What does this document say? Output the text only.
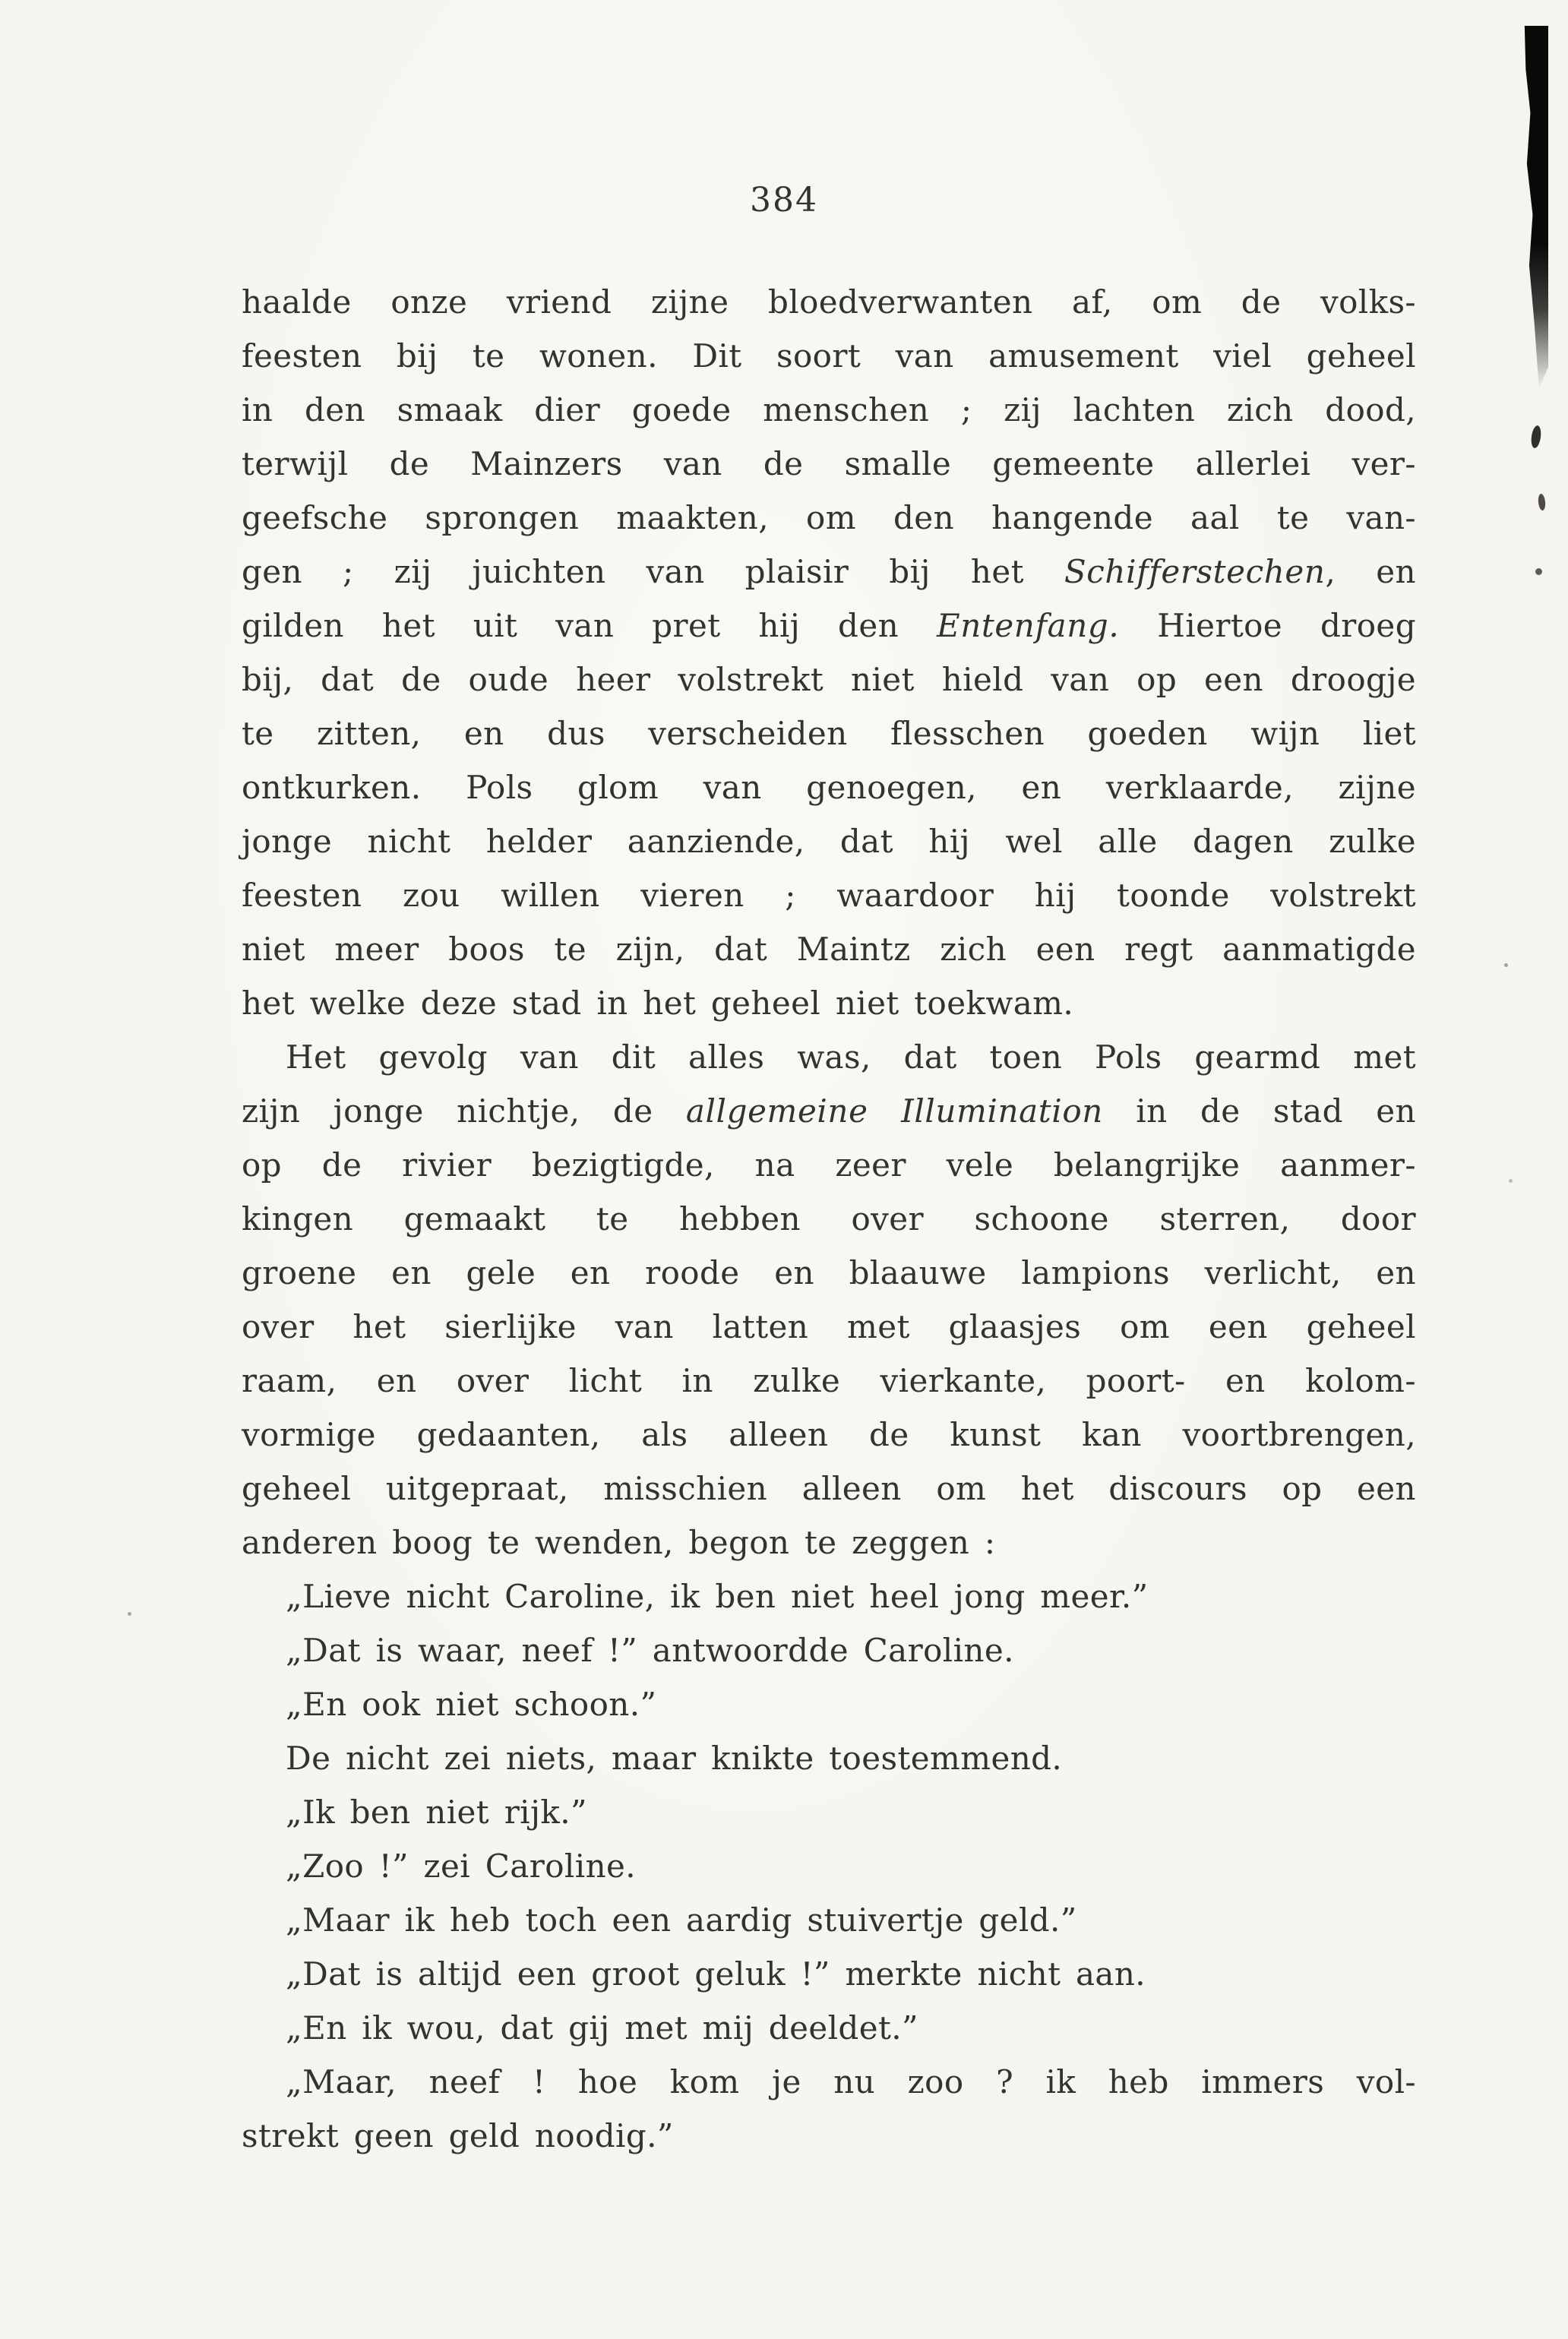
384
haalde onze vriend zijne bloedverwanten af, om de volks-
feesten bij te wonen. Dit soort van amusement viel geheel
in den smaak dier goede menschen ; zij lachten zich dood,
terwijl de Mainzers van de smalle gemeente allerlei ver-
geefsche sprongen maakten, om den hangende aal te van-
gen ; zij juichten van plaisir bij het Schifferstechen, en
gilden het uit van pret hij den Entenfang. Hiertoe droeg
bij, dat de oude heer volstrekt niet hield van op een droogje
te zitten, en dus verscheiden flesschen goeden wijn liet
ontkurken. Pols glom van genoegen, en verklaarde, zijne
jonge nicht helder aanziende, dat hij wel alle dagen zulke
feesten zou willen vieren ; waardoor hij toonde volstrekt
niet meer boos te zijn, dat Maintz zich een regt aanmatigde
het welke deze stad in het geheel niet toekwam.
Het gevolg van dit alles was, dat toen Pols gearmd met
zijn jonge nichtje, de allgemeine Illumination in de stad en
op de rivier bezigtigde, na zeer vele belangrijke aanmer-
kingen gemaakt te hebben over schoone sterren, door
groene en gele en roode en blaauwe lampions verlicht, en
over het sierlijke van latten met glaasjes om een geheel
raam, en over licht in zulke vierkante, poort- en kolom-
vormige gedaanten, als alleen de kunst kan voortbrengen,
geheel uitgepraat, misschien alleen om het discours op een
anderen boog te wenden, begon te zeggen :
„Lieve nicht Caroline, ik ben niet heel jong meer.”
„Dat is waar, neef !” antwoordde Caroline.
„En ook niet schoon.”
De nicht zei niets, maar knikte toestemmend.
„Ik ben niet rijk.”
„Zoo !” zei Caroline.
„Maar ik heb toch een aardig stuivertje geld.”
„Dat is altijd een groot geluk !” merkte nicht aan.
„En ik wou, dat gij met mij deeldet.”
„Maar, neef ! hoe kom je nu zoo ? ik heb immers vol-
strekt geen geld noodig.”
